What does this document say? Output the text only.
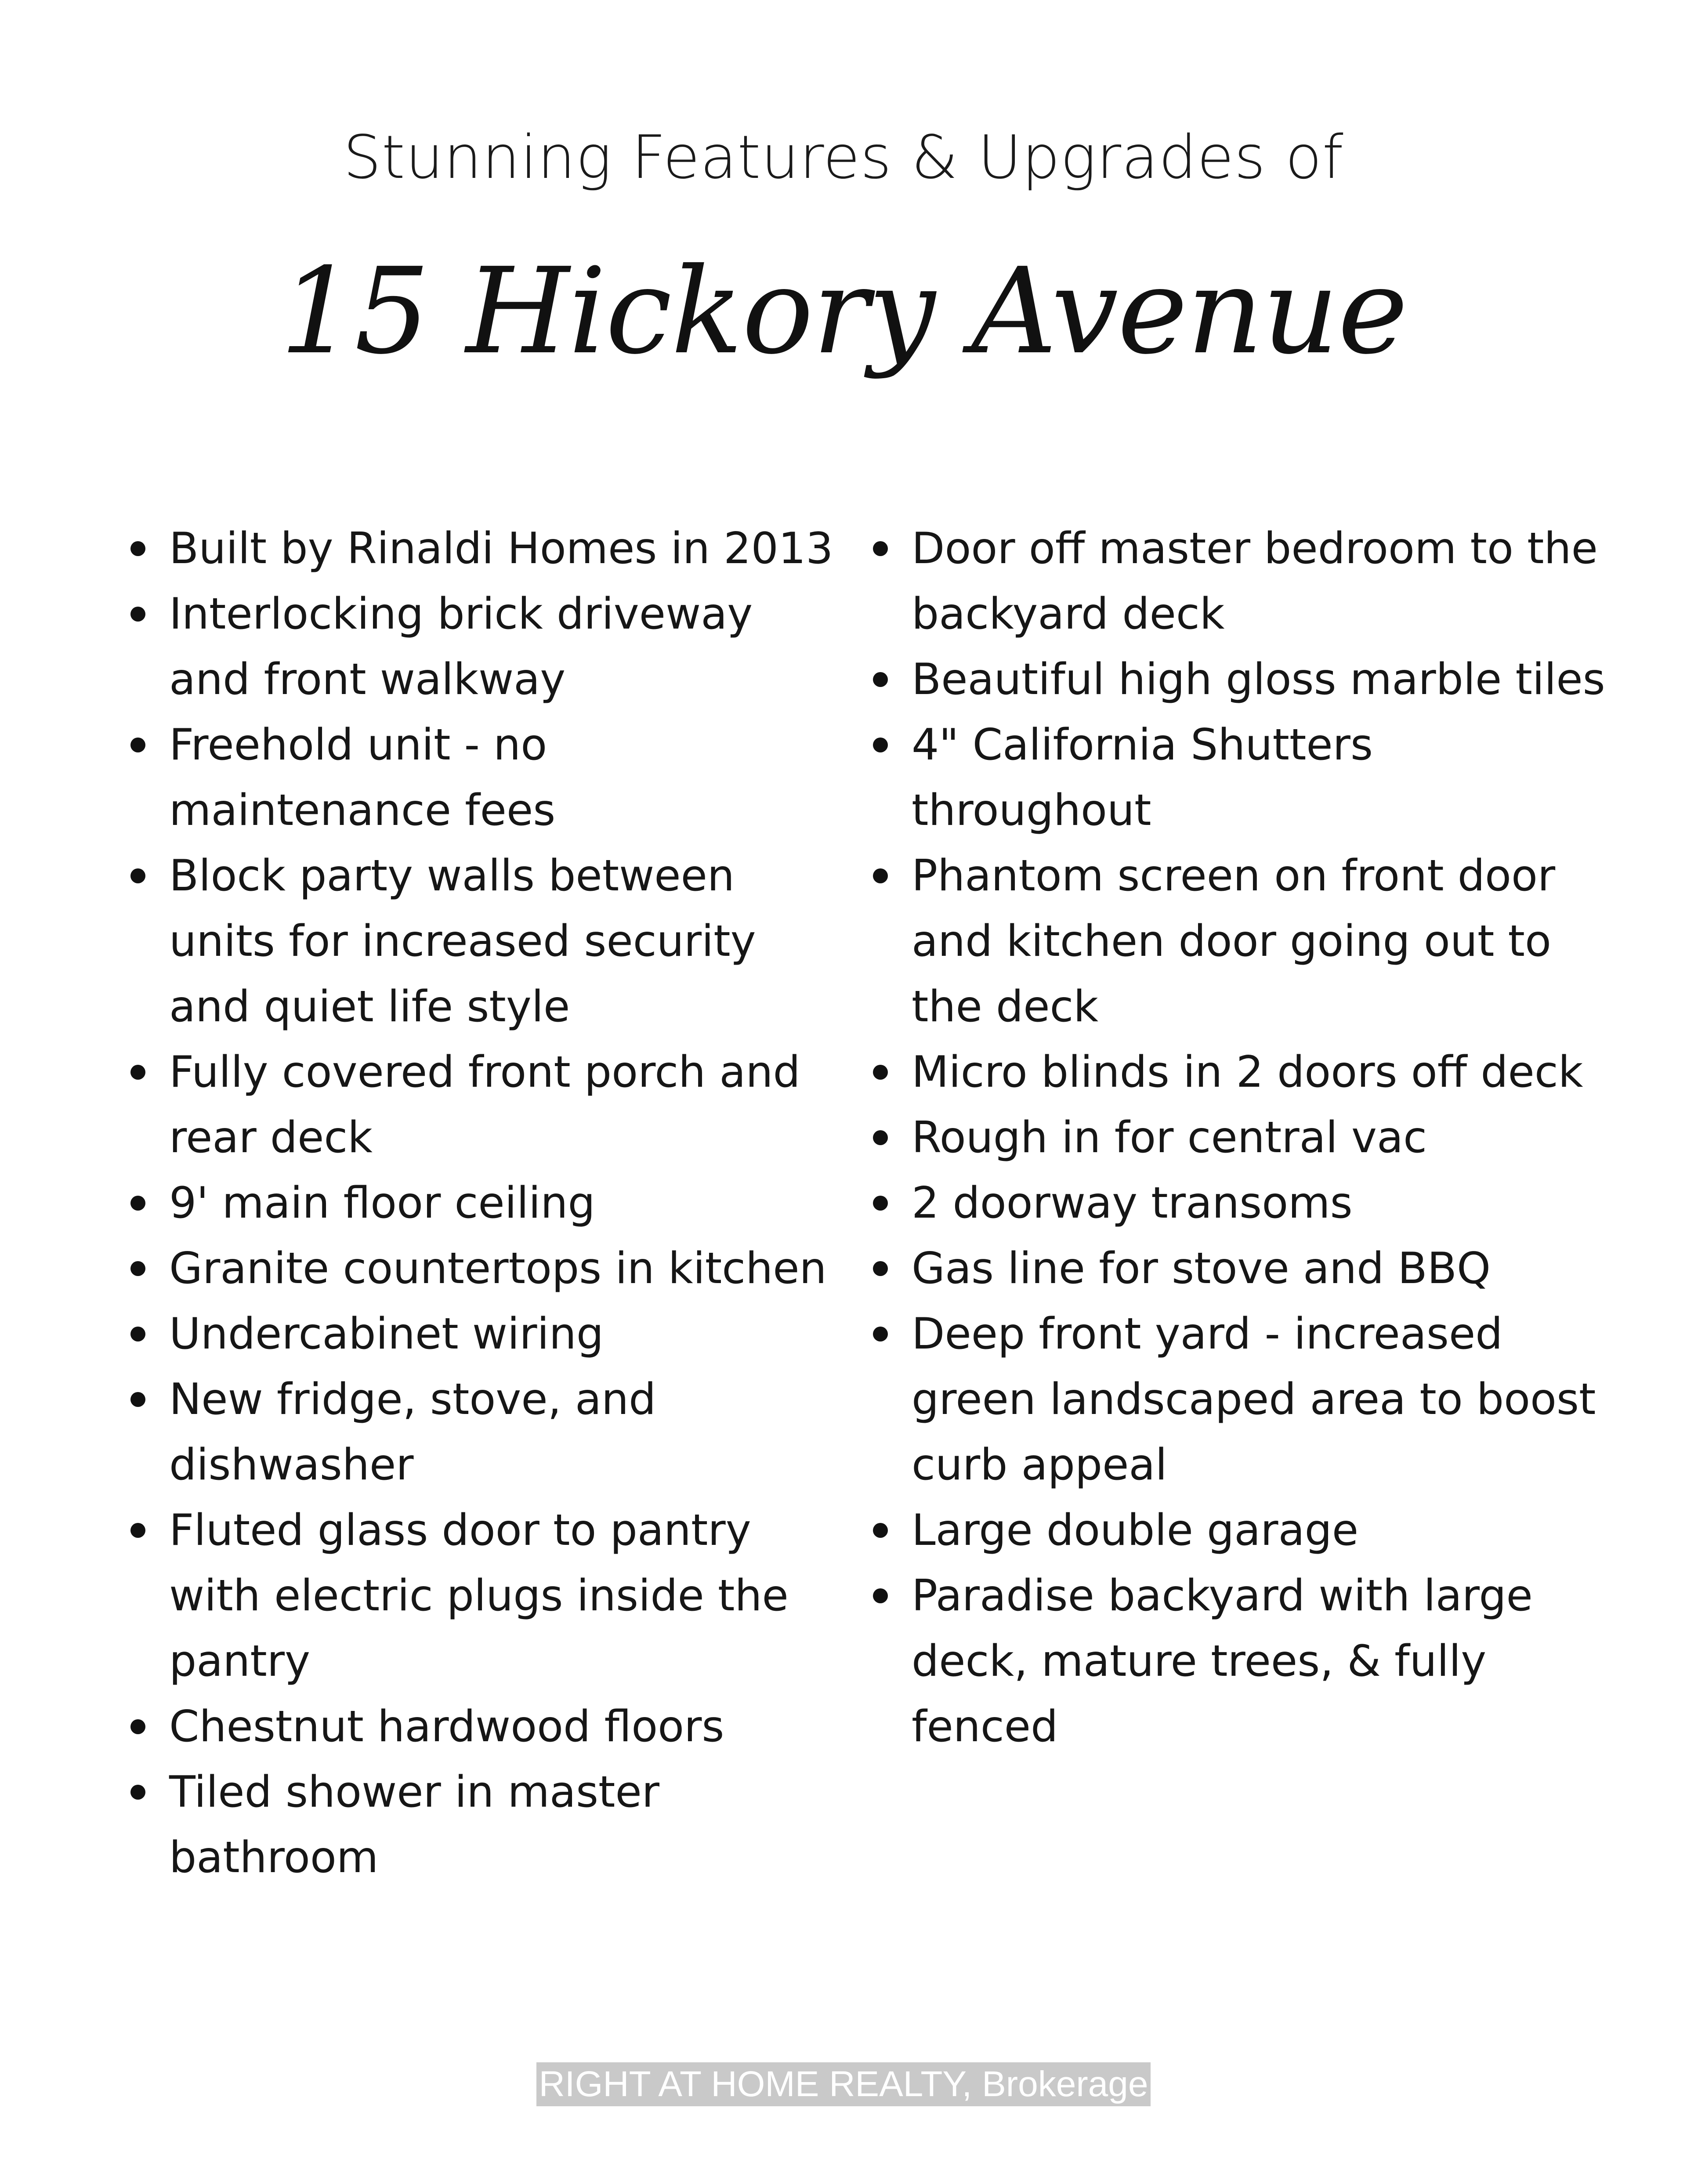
Stunning Features & Upgrades of
15 Hickory Avenue
Built by Rinaldi Homes in 2013
Interlocking brick driveway and front walkway
Freehold unit - no maintenance fees
Block party walls between units for increased security and quiet life style
Fully covered front porch and rear deck
9' main floor ceiling
Granite countertops in kitchen
Undercabinet wiring
New fridge, stove, and dishwasher
Fluted glass door to pantry with electric plugs inside the pantry
Chestnut hardwood floors
Tiled shower in master bathroom
Door off master bedroom to the backyard deck
Beautiful high gloss marble tiles
4" California Shutters throughout
Phantom screen on front door and kitchen door going out to the deck
Micro blinds in 2 doors off deck
Rough in for central vac
2 doorway transoms
Gas line for stove and BBQ
Deep front yard - increased green landscaped area to boost curb appeal
Large double garage
Paradise backyard with large deck, mature trees, & fully fenced
RIGHT AT HOME REALTY, Brokerage
